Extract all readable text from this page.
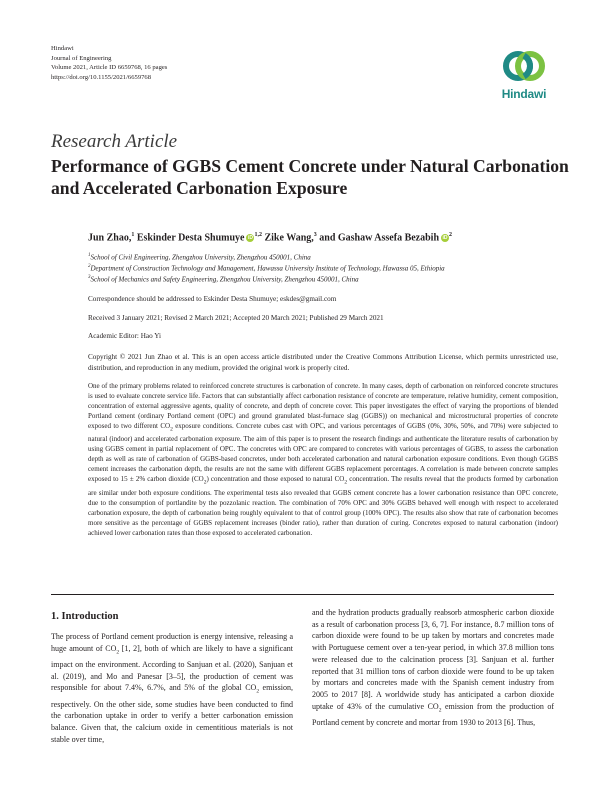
Hindawi
Journal of Engineering
Volume 2021, Article ID 6659768, 16 pages
https://doi.org/10.1155/2021/6659768
Hindawi
Research Article
Performance of GGBS Cement Concrete under Natural Carbonation and Accelerated Carbonation Exposure
Jun Zhao,$^1$ Eskinder Desta Shumuye iD$^{1,2}$ Zike Wang,$^3$ and Gashaw Assefa Bezabih $iD^2$
$^1$School of Civil Engineering, Zhengzhou University, Zhengzhou 450001, China
$^2$Department of Construction Technology and Management, Hawassa University Institute of Technology, Hawassa 05, Ethiopia
$^3$School of Mechanics and Safety Engineering, Zhengzhou University, Zhengzhou 450001, China
Correspondence should be addressed to Eskinder Desta Shumuye; eskdes@gmail.com
Received 3 January 2021; Revised 2 March 2021; Accepted 20 March 2021; Published 29 March 2021
Academic Editor: Hao Yi
Copyright © 2021 Jun Zhao et al. This is an open access article distributed under the Creative Commons Attribution License, which permits unrestricted use, distribution, and reproduction in any medium, provided the original work is properly cited.
One of the primary problems related to reinforced concrete structures is carbonation of concrete. In many cases, depth of carbonation on reinforced concrete structures is used to evaluate concrete service life. Factors that can substantially affect carbonation resistance of concrete are temperature, relative humidity, cement composition, concentration of external aggressive agents, quality of concrete, and depth of concrete cover. This paper investigates the effect of varying the proportions of blended Portland cement (ordinary Portland cement (OPC) and ground granulated blast-furnace slag (GGBS)) on mechanical and microstructural properties of concrete exposed to two different $CO_2$ exposure conditions. Concrete cubes cast with OPC, and various percentages of GGBS (0%, 30%, 50%, and 70%) were subjected to natural (indoor) and accelerated carbonation exposure. The aim of this paper is to present the research findings and authenticate the literature results of carbonation by using GGBS cement in partial replacement of OPC. The concretes with OPC are compared to concretes with various percentages of GGBS, to assess the carbonation depth as well as rate of carbonation of GGBS-based concretes, under both accelerated carbonation and natural carbonation exposure conditions. Even though GGBS cement increases the carbonation depth, the results are not the same with different GGBS replacement percentages. A correlation is made between concrete samples exposed to 15 ± 2% carbon dioxide $(CO_2)$ concentration and those exposed to natural $CO_2$ concentration. The results reveal that the products formed by carbonation are similar under both exposure conditions. The experimental tests also revealed that GGBS cement concrete has a lower carbonation resistance than OPC concrete, due to the consumption of portlandite by the pozzolanic reaction. The combination of 70% OPC and 30% GGBS behaved well enough with respect to accelerated carbonation exposure, the depth of carbonation being roughly equivalent to that of control group (100% OPC). The results also show that rate of carbonation becomes more sensitive as the percentage of GGBS replacement increases (binder ratio), rather than duration of curing. Concretes exposed to natural carbonation (indoor) achieved lower carbonation rates than those exposed to accelerated carbonation.
1. Introduction
The process of Portland cement production is energy intensive, releasing a huge amount of $CO_2$ [1, 2], both of which are likely to have a significant impact on the environment. According to Sanjuan et al. (2020), Sanjuan et al. (2019), and Mo and Panesar [3–5], the production of cement was responsible for about 7.4%, 6.7%, and 5% of the global $CO_2$ emission, respectively. On the other side, some studies have been conducted to find the carbonation uptake in order to verify a better carbonation emission balance. Given that, the calcium oxide in cementitious materials is not stable over time,
and the hydration products gradually reabsorb atmospheric carbon dioxide as a result of carbonation process [3, 6, 7]. For instance, 8.7 million tons of carbon dioxide were found to be up taken by mortars and concretes made with Portuguese cement over a ten-year period, in which 37.8 million tons were released due to the calcination process [3]. Sanjuan et al. further reported that 31 million tons of carbon dioxide were found to be up taken by mortars and concretes made with the Spanish cement industry from 2005 to 2017 [8]. A worldwide study has anticipated a carbon dioxide uptake of 43% of the cumulative $CO_2$ emission from the production of Portland cement by concrete and mortar from 1930 to 2013 [6]. Thus,
